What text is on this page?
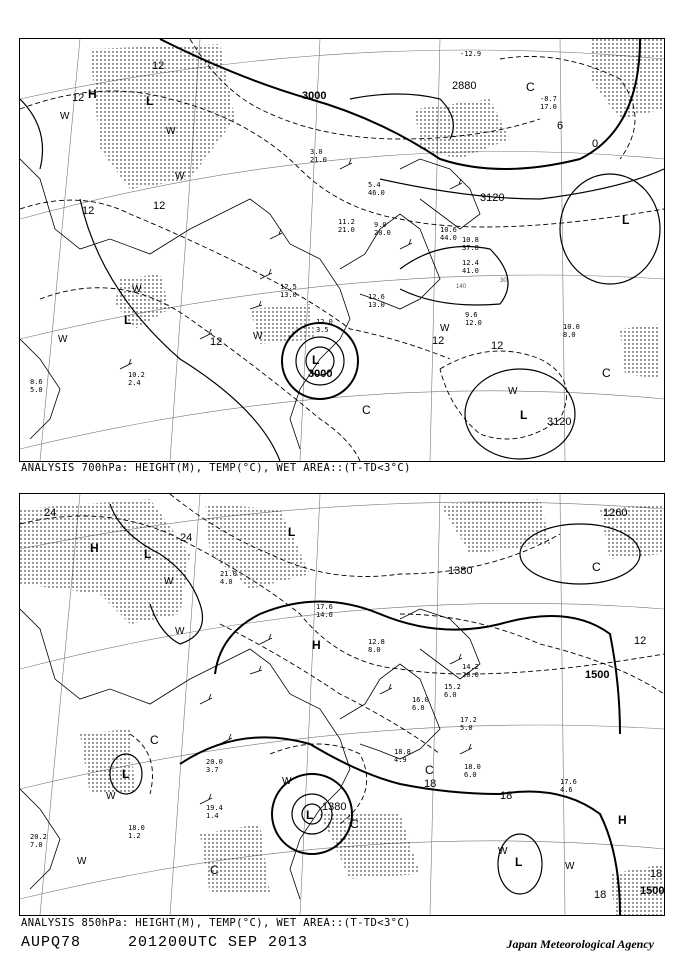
3000
2880
3120
3120
3000
12
12
12
12
12	12	12
0
6
H	L
L
L
L
L
C
C
C
W
W
W
W
W
W
W
W
12.5 13.0
11.2 21.0
9.0 20.0	10.6 44.0 10.8 37.0
12.4 41.0
12.6 13.0
9.6 12.0	10.0 8.0
10.2 2.4
8.6 5.0
12.0 3.5
3.0 21.0
5.4 46.0
-12.9
-8.7 17.0
30
140
ANALYSIS 700hPa: HEIGHT(M), TEMP(°C), WET AREA::(T-TD<3°C)
1380
1260
1500
1380
1500
24
24
12
18
18
18
18
H
H
H
L
L
L
L
L
C
C
C
C
C
W
W
W
W
W
W
W
17.6 14.0
12.8 8.0
14.2 20.0
16.0 6.0
18.0 6.0
17.6 4.6
19.4 1.4
18.0 1.2
20.2 7.0
15.2 6.0
17.2 5.0
20.0 3.7
21.0 4.0
18.8 4.9
ANALYSIS 850hPa: HEIGHT(M), TEMP(°C), WET AREA::(T-TD<3°C)
AUPQ78	201200UTC SEP 2013	Japan Meteorological Agency
